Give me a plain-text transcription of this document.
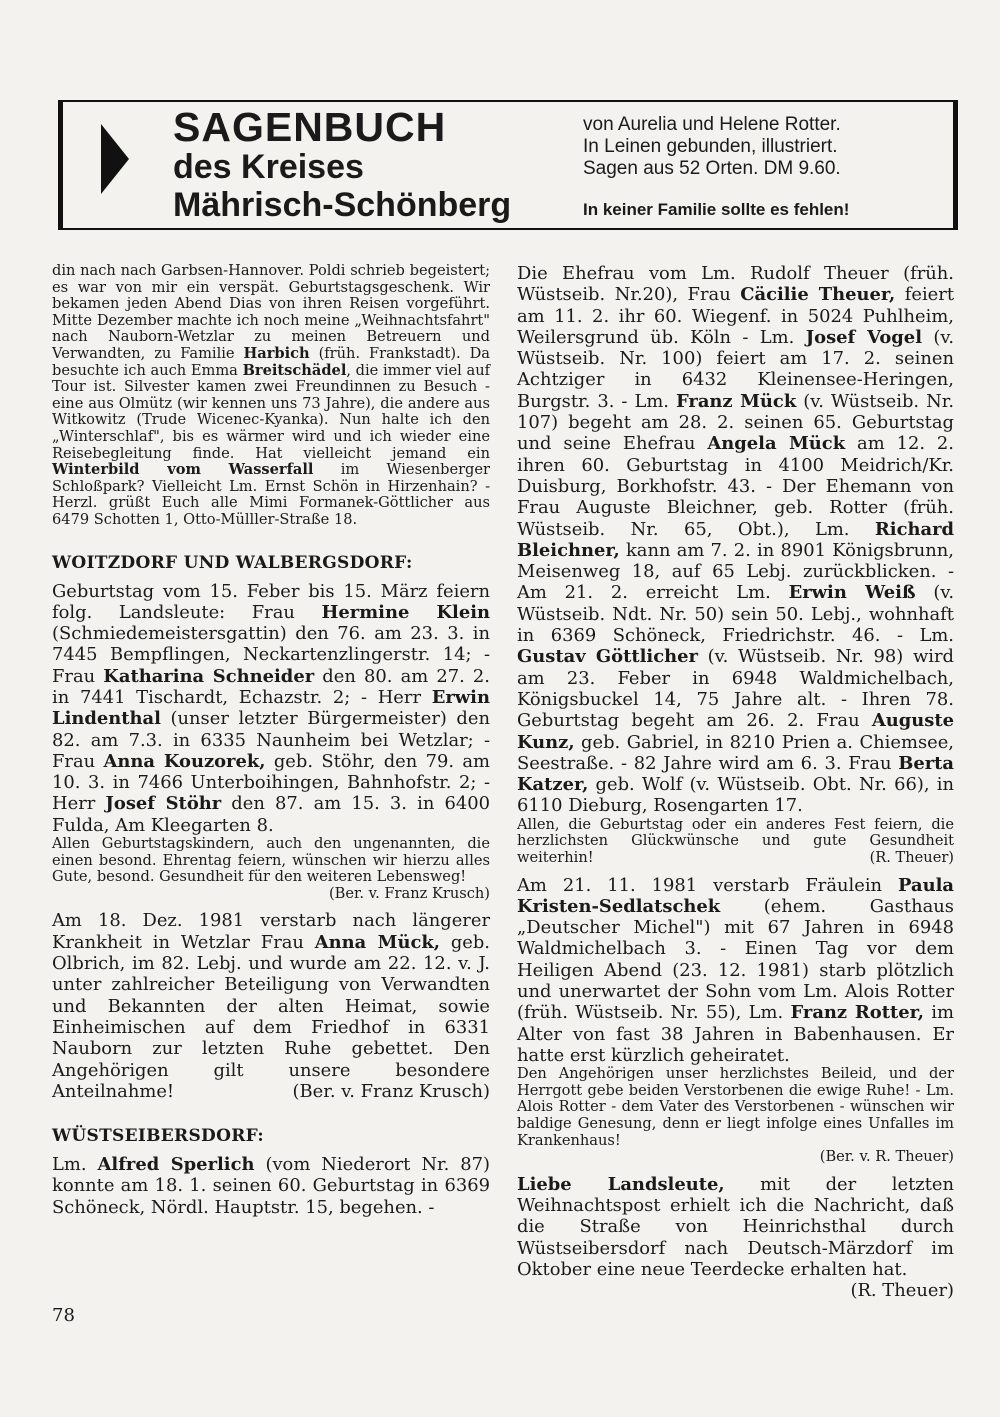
SAGENBUCH
des Kreises
Mährisch-Schönberg
von Aurelia und Helene Rotter.
In Leinen gebunden, illustriert.
Sagen aus 52 Orten. DM 9.60.
In keiner Familie sollte es fehlen!

din nach nach Garbsen-Hannover. Poldi schrieb begeistert; es war von mir ein verspät. Geburtstagsgeschenk. Wir bekamen jeden Abend Dias von ihren Reisen vorgeführt. Mitte Dezember machte ich noch meine „Weihnachtsfahrt" nach Nauborn-Wetzlar zu meinen Betreuern und Verwandten, zu Familie Harbich (früh. Frankstadt). Da besuchte ich auch Emma Breitschädel, die immer viel auf Tour ist. Silvester kamen zwei Freundinnen zu Besuch - eine aus Olmütz (wir kennen uns 73 Jahre), die andere aus Witkowitz (Trude Wicenec-Kyanka). Nun halte ich den „Winterschlaf", bis es wärmer wird und ich wieder eine Reisebegleitung finde. Hat vielleicht jemand ein Winterbild vom Wasserfall im Wiesenberger Schloßpark? Vielleicht Lm. Ernst Schön in Hirzenhain? - Herzl. grüßt Euch alle Mimi Formanek-Göttlicher aus 6479 Schotten 1, Otto-Mülller-Straße 18.

WOITZDORF UND WALBERGSDORF:

Geburtstag vom 15. Feber bis 15. März feiern folg. Landsleute: Frau Hermine Klein (Schmiedemeistersgattin) den 76. am 23. 3. in 7445 Bempflingen, Neckartenzlingerstr. 14; - Frau Katharina Schneider den 80. am 27. 2. in 7441 Tischardt, Echazstr. 2; - Herr Erwin Lindenthal (unser letzter Bürgermeister) den 82. am 7.3. in 6335 Naunheim bei Wetzlar; - Frau Anna Kouzorek, geb. Stöhr, den 79. am 10. 3. in 7466 Unterboihingen, Bahnhofstr. 2; - Herr Josef Stöhr den 87. am 15. 3. in 6400 Fulda, Am Kleegarten 8.

Allen Geburtstagskindern, auch den ungenannten, die einen besond. Ehrentag feiern, wünschen wir hierzu alles Gute, besond. Gesundheit für den weiteren Lebensweg!
(Ber. v. Franz Krusch)

Am 18. Dez. 1981 verstarb nach längerer Krankheit in Wetzlar Frau Anna Mück, geb. Olbrich, im 82. Lebj. und wurde am 22. 12. v. J. unter zahlreicher Beteiligung von Verwandten und Bekannten der alten Heimat, sowie Einheimischen auf dem Friedhof in 6331 Nauborn zur letzten Ruhe gebettet. Den Angehörigen gilt unsere besondere Anteilnahme!	(Ber. v. Franz Krusch)

WÜSTSEIBERSDORF:

Lm. Alfred Sperlich (vom Niederort Nr. 87) konnte am 18. 1. seinen 60. Geburtstag in 6369 Schöneck, Nördl. Hauptstr. 15, begehen. -

Die Ehefrau vom Lm. Rudolf Theuer (früh. Wüstseib. Nr.20), Frau Cäcilie Theuer, feiert am 11. 2. ihr 60. Wiegenf. in 5024 Puhlheim, Weilersgrund üb. Köln - Lm. Josef Vogel (v. Wüstseib. Nr. 100) feiert am 17. 2. seinen Achtziger in 6432 Kleinensee-Heringen, Burgstr. 3. - Lm. Franz Mück (v. Wüstseib. Nr. 107) begeht am 28. 2. seinen 65. Geburtstag und seine Ehefrau Angela Mück am 12. 2. ihren 60. Geburtstag in 4100 Meidrich/Kr. Duisburg, Borkhofstr. 43. - Der Ehemann von Frau Auguste Bleichner, geb. Rotter (früh. Wüstseib. Nr. 65, Obt.), Lm. Richard Bleichner, kann am 7. 2. in 8901 Königsbrunn, Meisenweg 18, auf 65 Lebj. zurückblicken. - Am 21. 2. erreicht Lm. Erwin Weiß (v. Wüstseib. Ndt. Nr. 50) sein 50. Lebj., wohnhaft in 6369 Schöneck, Friedrichstr. 46. - Lm. Gustav Göttlicher (v. Wüstseib. Nr. 98) wird am 23. Feber in 6948 Waldmichelbach, Königsbuckel 14, 75 Jahre alt. - Ihren 78. Geburtstag begeht am 26. 2. Frau Auguste Kunz, geb. Gabriel, in 8210 Prien a. Chiemsee, Seestraße. - 82 Jahre wird am 6. 3. Frau Berta Katzer, geb. Wolf (v. Wüstseib. Obt. Nr. 66), in 6110 Dieburg, Rosengarten 17.

Allen, die Geburtstag oder ein anderes Fest feiern, die herzlichsten Glückwünsche und gute Gesundheit weiterhin!	(R. Theuer)

Am 21. 11. 1981 verstarb Fräulein Paula Kristen-Sedlatschek (ehem. Gasthaus „Deutscher Michel") mit 67 Jahren in 6948 Waldmichelbach 3. - Einen Tag vor dem Heiligen Abend (23. 12. 1981) starb plötzlich und unerwartet der Sohn vom Lm. Alois Rotter (früh. Wüstseib. Nr. 55), Lm. Franz Rotter, im Alter von fast 38 Jahren in Babenhausen. Er hatte erst kürzlich geheiratet.

Den Angehörigen unser herzlichstes Beileid, und der Herrgott gebe beiden Verstorbenen die ewige Ruhe! - Lm. Alois Rotter - dem Vater des Verstorbenen - wünschen wir baldige Genesung, denn er liegt infolge eines Unfalles im Krankenhaus!

(Ber. v. R. Theuer)

Liebe Landsleute, mit der letzten Weihnachtspost erhielt ich die Nachricht, daß die Straße von Heinrichsthal durch Wüstseibersdorf nach Deutsch-Märzdorf im Oktober eine neue Teerdecke erhalten hat.
(R. Theuer)

78
